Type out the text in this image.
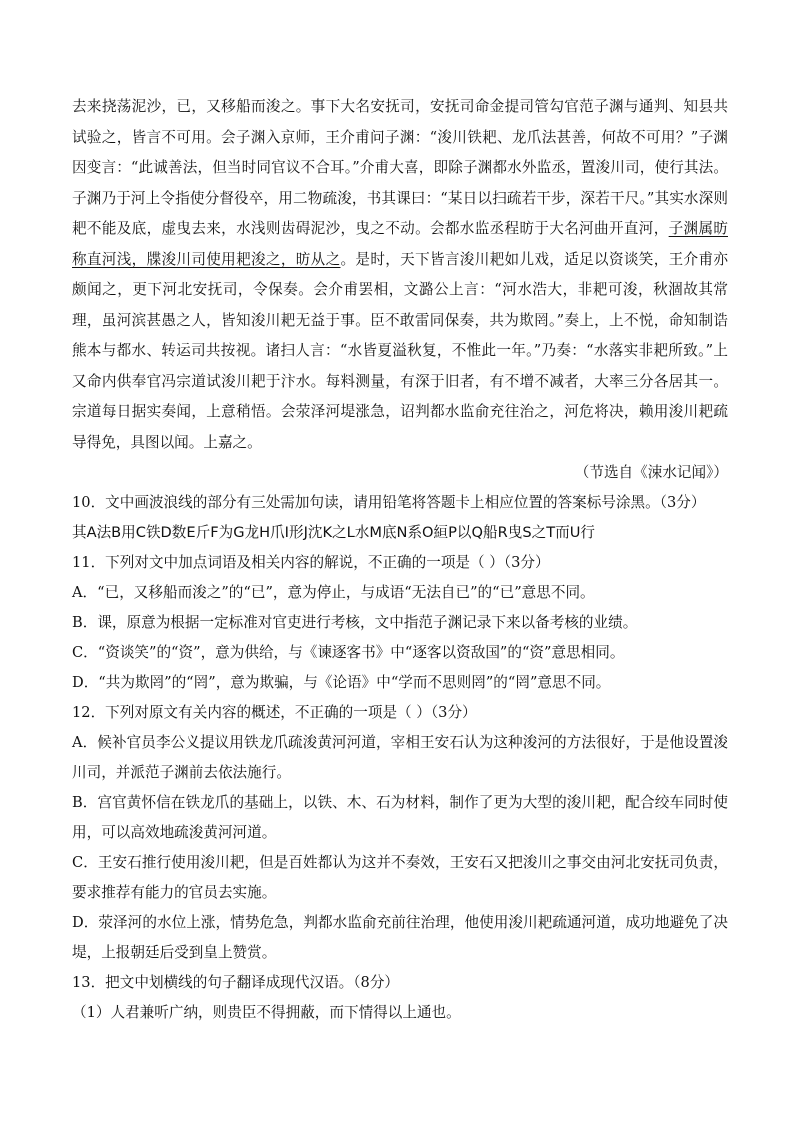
去来挠荡泥沙，已，又移船而浚之。事下大名安抚司，安抚司命金提司管勾官范子渊与通判、知县共试验之，皆言不可用。会子渊入京师，王介甫问子渊：“浚川铁耙、龙爪法甚善，何故不可用？”子渊因变言：“此诚善法，但当时同官议不合耳。”介甫大喜，即除子渊都水外监丞，置浚川司，使行其法。子渊乃于河上令指使分督役卒，用二物疏浚，书其课曰：“某日以扫疏若干步，深若干尺。”其实水深则耙不能及底，虚曳去来，水浅则齿碍泥沙，曳之不动。会都水监丞程昉于大名河曲开直河，子渊属昉称直河浅，牒浚川司使用耙浚之，昉从之。是时，天下皆言浚川耙如儿戏，适足以资谈笑，王介甫亦颇闻之，更下河北安抚司，令保奏。会介甫罢相，文潞公上言：“河水浩大，非耙可浚，秋涸故其常理，虽河滨甚愚之人，皆知浚川耙无益于事。臣不敢雷同保奏，共为欺罔。”奏上，上不悦，命知制诰熊本与都水、转运司共按视。诸扫人言：“水皆夏溢秋复，不惟此一年。”乃奏：“水落实非耙所致。”上又命内供奉官冯宗道试浚川耙于汴水。每料测量，有深于旧者，有不增不减者，大率三分各居其一。宗道每日据实奏闻，上意稍悟。会荥泽河堤涨急，诏判都水监俞充往治之，河危将决，赖用浚川耙疏导得免，具图以闻。上嘉之。

（节选自《涑水记闻》）

10．文中画波浪线的部分有三处需加句读，请用铅笔将答题卡上相应位置的答案标号涂黑。（3分）

其A法B用C铁D数E斤F为G龙H爪I形J沈K之L水M底N系O絙P以Q船R曳S之T而U行

11．下列对文中加点词语及相关内容的解说，不正确的一项是（ ）（3分）

A．“已，又移船而浚之”的“已”，意为停止，与成语“无法自已”的“已”意思不同。

B．课，原意为根据一定标准对官吏进行考核，文中指范子渊记录下来以备考核的业绩。

C．“资谈笑”的“资”，意为供给，与《谏逐客书》中“逐客以资敌国”的“资”意思相同。

D．“共为欺罔”的“罔”，意为欺骗，与《论语》中“学而不思则罔”的“罔”意思不同。

12．下列对原文有关内容的概述，不正确的一项是（ ）（3分）

A．候补官员李公义提议用铁龙爪疏浚黄河河道，宰相王安石认为这种浚河的方法很好，于是他设置浚川司，并派范子渊前去依法施行。

B．宫官黄怀信在铁龙爪的基础上，以铁、木、石为材料，制作了更为大型的浚川耙，配合绞车同时使用，可以高效地疏浚黄河河道。

C．王安石推行使用浚川耙，但是百姓都认为这并不奏效，王安石又把浚川之事交由河北安抚司负责，要求推荐有能力的官员去实施。

D．荥泽河的水位上涨，情势危急，判都水监俞充前往治理，他使用浚川耙疏通河道，成功地避免了决堤，上报朝廷后受到皇上赞赏。

13．把文中划横线的句子翻译成现代汉语。（8分）

（1）人君兼听广纳，则贵臣不得拥蔽，而下情得以上通也。
